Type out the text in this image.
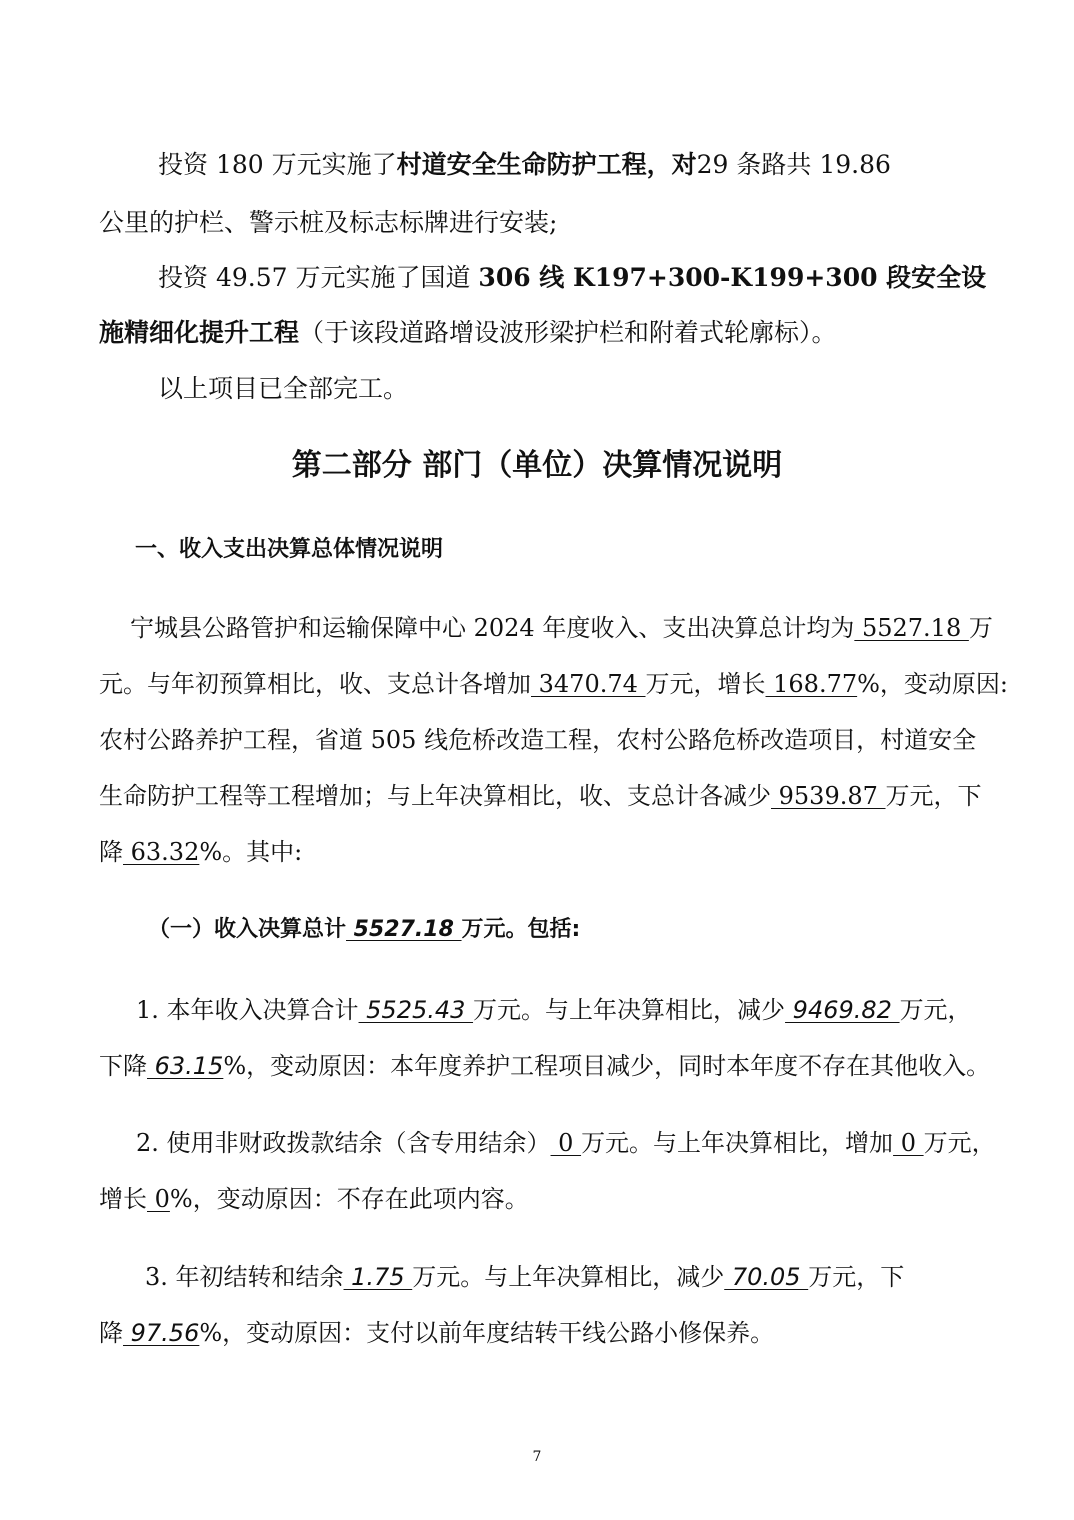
投资 180 万元实施了村道安全生命防护工程，对29 条路共 19.86
公里的护栏、警示桩及标志标牌进行安装;
投资 49.57 万元实施了国道 306 线 K197+300-K199+300 段安全设
施精细化提升工程（于该段道路增设波形梁护栏和附着式轮廓标）。
以上项目已全部完工。
第二部分 部门（单位）决算情况说明
一、收入支出决算总体情况说明
宁城县公路管护和运输保障中心 2024 年度收入、支出决算总计均为 5527.18 万
元。与年初预算相比，收、支总计各增加 3470.74 万元，增长 168.77%，变动原因:
农村公路养护工程，省道 505 线危桥改造工程，农村公路危桥改造项目，村道安全
生命防护工程等工程增加；与上年决算相比，收、支总计各减少 9539.87 万元，下
降 63.32%。其中:
（一）收入决算总计 5527.18 万元。包括:
1. 本年收入决算合计 5525.43 万元。与上年决算相比，减少 9469.82 万元，
下降 63.15%，变动原因：本年度养护工程项目减少，同时本年度不存在其他收入。
2. 使用非财政拨款结余（含专用结余） 0 万元。与上年决算相比，增加 0 万元，
增长 0%，变动原因：不存在此项内容。
3. 年初结转和结余 1.75 万元。与上年决算相比，减少 70.05 万元，下
降 97.56%，变动原因：支付以前年度结转干线公路小修保养。
7
